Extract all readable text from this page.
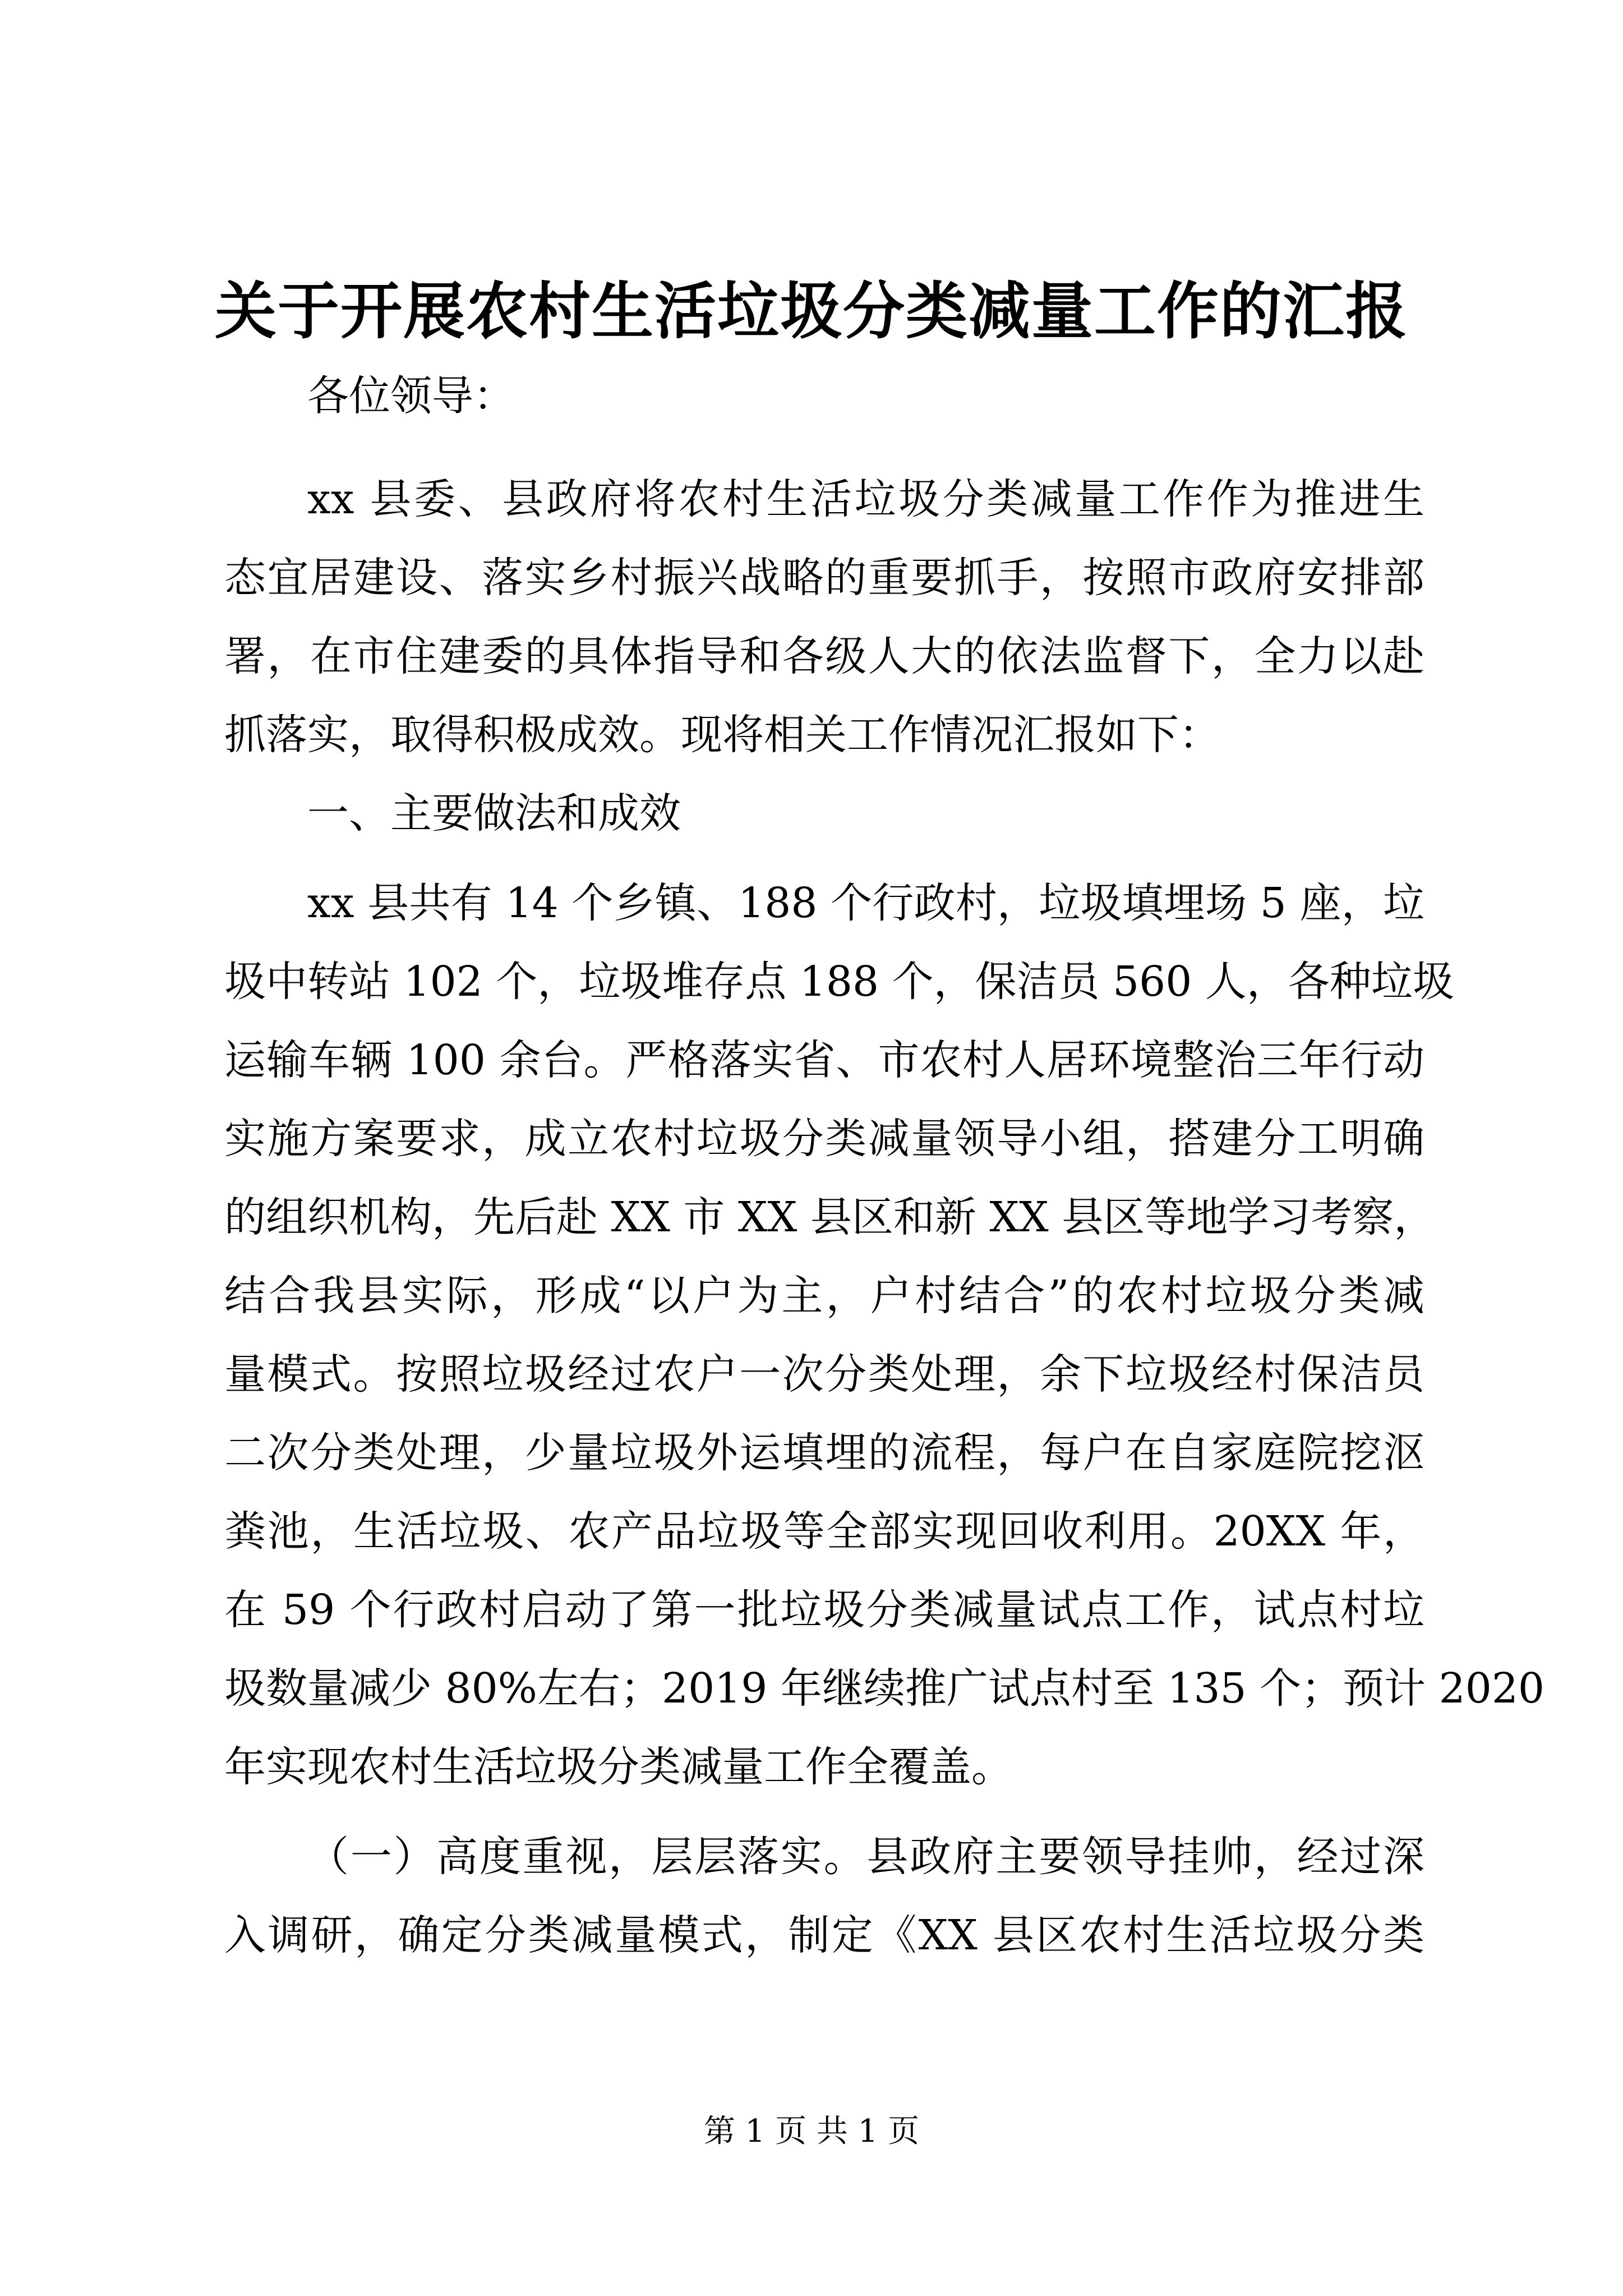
关于开展农村生活垃圾分类减量工作的汇报
各位领导：
xx 县委、县政府将农村生活垃圾分类减量工作作为推进生
态宜居建设、落实乡村振兴战略的重要抓手，按照市政府安排部
署，在市住建委的具体指导和各级人大的依法监督下，全力以赴
抓落实，取得积极成效。现将相关工作情况汇报如下：
一、主要做法和成效
xx 县共有 14 个乡镇、188 个行政村，垃圾填埋场 5 座，垃
圾中转站 102 个，垃圾堆存点 188 个，保洁员 560 人，各种垃圾
运输车辆 100 余台。严格落实省、市农村人居环境整治三年行动
实施方案要求，成立农村垃圾分类减量领导小组，搭建分工明确
的组织机构，先后赴 XX 市 XX 县区和新 XX 县区等地学习考察，
结合我县实际，形成“以户为主，户村结合”的农村垃圾分类减
量模式。按照垃圾经过农户一次分类处理，余下垃圾经村保洁员
二次分类处理，少量垃圾外运填埋的流程，每户在自家庭院挖沤
粪池，生活垃圾、农产品垃圾等全部实现回收利用。20XX 年，
在 59 个行政村启动了第一批垃圾分类减量试点工作，试点村垃
圾数量减少 80%左右；2019 年继续推广试点村至 135 个；预计 2020
年实现农村生活垃圾分类减量工作全覆盖。
（一）高度重视，层层落实。县政府主要领导挂帅，经过深
入调研，确定分类减量模式，制定《XX 县区农村生活垃圾分类
第 1 页 共 1 页
